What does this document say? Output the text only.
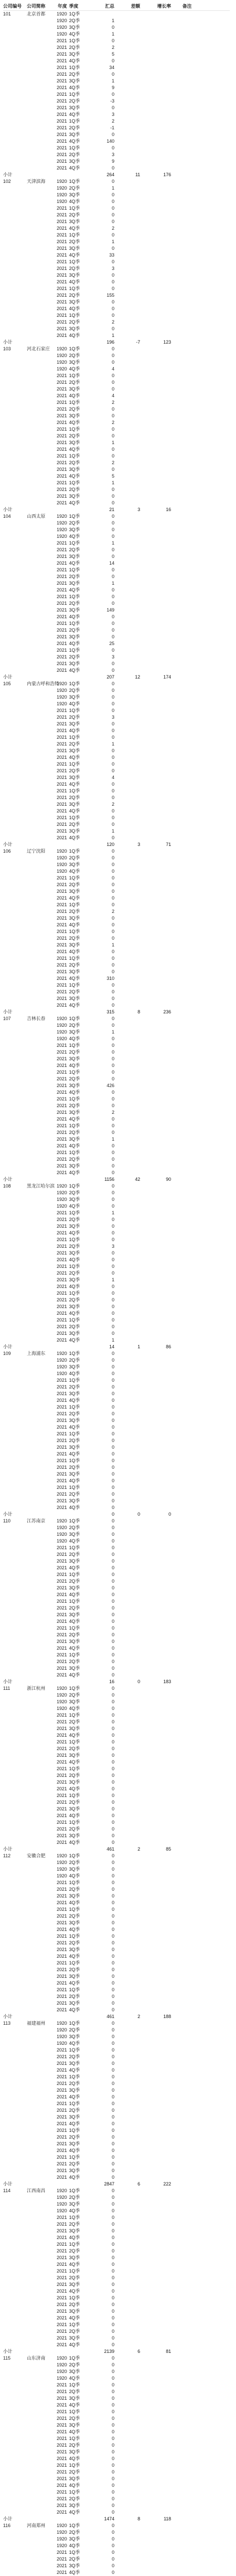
公司编号	公司简称	年度 季度	汇总	差额	增长率	备注
101	北京首都	1920 1Q季
1920 2Q季	1
1920 3Q季	0
1920 4Q季	1
2021 1Q季	0
2021 2Q季	2
2021 3Q季	5
2021 4Q季	0
2021 1Q季	34
2021 2Q季	0
2021 3Q季	1
2021 4Q季	9
2021 1Q季	0
2021 2Q季	-3
2021 3Q季	0
2021 4Q季	3
2021 1Q季	2
2021 2Q季	-1
2021 3Q季	0
2021 4Q季	140
2021 1Q季	0
2021 2Q季	3
2021 3Q季	9
2021 4Q季	0
小计	264	11	176
102	天津滨海	1920 1Q季	0
1920 2Q季	1
1920 3Q季	0
1920 4Q季	0
2021 1Q季	0
2021 2Q季	0
2021 3Q季	0
2021 4Q季	2
2021 1Q季	0
2021 2Q季	1
2021 3Q季	0
2021 4Q季	33
2021 1Q季	0
2021 2Q季	3
2021 3Q季	0
2021 4Q季	0
2021 1Q季	0
2021 2Q季	155
2021 3Q季	0
2021 4Q季	0
2021 1Q季	0
2021 2Q季	2
2021 3Q季	0
2021 4Q季	1
小计	196	-7	123
103	河北石家庄	1920 1Q季	0
1920 2Q季	0
1920 3Q季	0
1920 4Q季	4
2021 1Q季	0
2021 2Q季	0
2021 3Q季	0
2021 4Q季	4
2021 1Q季	2
2021 2Q季	0
2021 3Q季	0
2021 4Q季	2
2021 1Q季	0
2021 2Q季	0
2021 3Q季	1
2021 4Q季	0
2021 1Q季	0
2021 2Q季	2
2021 3Q季	0
2021 4Q季	5
2021 1Q季	1
2021 2Q季	0
2021 3Q季	0
2021 4Q季	0
小计	21	3	16
104	山西太原	1920 1Q季	0
1920 2Q季	0
1920 3Q季	0
1920 4Q季	0
2021 1Q季	1
2021 2Q季	0
2021 3Q季	0
2021 4Q季	14
2021 1Q季	0
2021 2Q季	0
2021 3Q季	1
2021 4Q季	0
2021 1Q季	0
2021 2Q季	0
2021 3Q季	149
2021 4Q季	0
2021 1Q季	0
2021 2Q季	0
2021 3Q季	0
2021 4Q季	25
2021 1Q季	0
2021 2Q季	3
2021 3Q季	0
2021 4Q季	0
小计	207	12	174
105	内蒙古呼和浩特
1920 1Q季	0
1920 2Q季	0
1920 3Q季	0
1920 4Q季	0
2021 1Q季	0
2021 2Q季	3
2021 3Q季	0
2021 4Q季	0
2021 1Q季	0
2021 2Q季	1
2021 3Q季	0
2021 4Q季	0
2021 1Q季	0
2021 2Q季	0
2021 3Q季	4
2021 4Q季	0
2021 1Q季	0
2021 2Q季	0
2021 3Q季	2
2021 4Q季	0
2021 1Q季	0
2021 2Q季	0
2021 3Q季	1
2021 4Q季	0
小计	120	3	71
106	辽宁沈阳	1920 1Q季	0
1920 2Q季	0
1920 3Q季	0
1920 4Q季	0
2021 1Q季	0
2021 2Q季	0
2021 3Q季	0
2021 4Q季	0
2021 1Q季	0
2021 2Q季	2
2021 3Q季	0
2021 4Q季	0
2021 1Q季	0
2021 2Q季	0
2021 3Q季	1
2021 4Q季	0
2021 1Q季	0
2021 2Q季	0
2021 3Q季	0
2021 4Q季	310
2021 1Q季	0
2021 2Q季	0
2021 3Q季	0
2021 4Q季	0
小计	315	8	236
107	吉林长春	1920 1Q季	0
1920 2Q季	0
1920 3Q季	1
1920 4Q季	0
2021 1Q季	0
2021 2Q季	0
2021 3Q季	0
2021 4Q季	0
2021 1Q季	0
2021 2Q季	0
2021 3Q季	426
2021 4Q季	0
2021 1Q季	0
2021 2Q季	0
2021 3Q季	2
2021 4Q季	0
2021 1Q季	0
2021 2Q季	0
2021 3Q季	1
2021 4Q季	0
2021 1Q季	0
2021 2Q季	0
2021 3Q季	0
2021 4Q季	0
小计	1156	42	90
108	黑龙江哈尔滨 1920 1Q季	0
1920 2Q季	0
1920 3Q季	0
1920 4Q季	0
2021 1Q季	1
2021 2Q季	0
2021 3Q季	0
2021 4Q季	0
2021 1Q季	0
2021 2Q季	3
2021 3Q季	0
2021 4Q季	0
2021 1Q季	0
2021 2Q季	0
2021 3Q季	1
2021 4Q季	0
2021 1Q季	0
2021 2Q季	0
2021 3Q季	0
2021 4Q季	0
2021 1Q季	0
2021 2Q季	0
2021 3Q季	0
2021 4Q季	1
小计	14	1	86
109	上海浦东	1920 1Q季	0
1920 2Q季	0
1920 3Q季	0
1920 4Q季	0
2021 1Q季	0
2021 2Q季	0
2021 3Q季	0
2021 4Q季	0
2021 1Q季	0
2021 2Q季	0
2021 3Q季	0
2021 4Q季	0
2021 1Q季	0
2021 2Q季	0
2021 3Q季	0
2021 4Q季	0
2021 1Q季	0
2021 2Q季	0
2021 3Q季	0
2021 4Q季	0
2021 1Q季	0
2021 2Q季	0
2021 3Q季	0
2021 4Q季	0
小计	0	0	0
110	江苏南京	1920 1Q季	0
1920 2Q季	0
1920 3Q季	0
1920 4Q季	0
2021 1Q季	0
2021 2Q季	0
2021 3Q季	0
2021 4Q季	0
2021 1Q季	0
2021 2Q季	0
2021 3Q季	0
2021 4Q季	0
2021 1Q季	0
2021 2Q季	0
2021 3Q季	0
2021 4Q季	0
2021 1Q季	0
2021 2Q季	0
2021 3Q季	0
2021 4Q季	0
2021 1Q季	0
2021 2Q季	0
2021 3Q季	0
2021 4Q季	0
小计	16	0	183
111	浙江杭州	1920 1Q季	0
1920 2Q季	0
1920 3Q季	0
1920 4Q季	0
2021 1Q季	0
2021 2Q季	0
2021 3Q季	0
2021 4Q季	0
2021 1Q季	0
2021 2Q季	0
2021 3Q季	0
2021 4Q季	0
2021 1Q季	0
2021 2Q季	0
2021 3Q季	0
2021 4Q季	0
2021 1Q季	0
2021 2Q季	0
2021 3Q季	0
2021 4Q季	0
2021 1Q季	0
2021 2Q季	0
2021 3Q季	0
2021 4Q季	0
小计	461	2	85
112	安徽合肥	1920 1Q季	0
1920 2Q季	0
1920 3Q季	0
1920 4Q季	0
2021 1Q季	0
2021 2Q季	0
2021 3Q季	0
2021 4Q季	0
2021 1Q季	0
2021 2Q季	0
2021 3Q季	0
2021 4Q季	0
2021 1Q季	0
2021 2Q季	0
2021 3Q季	0
2021 4Q季	0
2021 1Q季	0
2021 2Q季	0
2021 3Q季	0
2021 4Q季	0
2021 1Q季	0
2021 2Q季	0
2021 3Q季	0
2021 4Q季	0
小计	461	2	188
113	福建福州	1920 1Q季	0
1920 2Q季	0
1920 3Q季	0
1920 4Q季	0
2021 1Q季	0
2021 2Q季	0
2021 3Q季	0
2021 4Q季	0
2021 1Q季	0
2021 2Q季	0
2021 3Q季	0
2021 4Q季	0
2021 1Q季	0
2021 2Q季	0
2021 3Q季	0
2021 4Q季	0
2021 1Q季	0
2021 2Q季	0
2021 3Q季	0
2021 4Q季	0
2021 1Q季	0
2021 2Q季	0
2021 3Q季	0
2021 4Q季	0
小计	2847	6	222
114	江西南昌	1920 1Q季	0
1920 2Q季	0
1920 3Q季	0
1920 4Q季	0
2021 1Q季	0
2021 2Q季	0
2021 3Q季	0
2021 4Q季	0
2021 1Q季	0
2021 2Q季	0
2021 3Q季	0
2021 4Q季	0
2021 1Q季	0
2021 2Q季	0
2021 3Q季	0
2021 4Q季	0
2021 1Q季	0
2021 2Q季	0
2021 3Q季	0
2021 4Q季	0
2021 1Q季	0
2021 2Q季	0
2021 3Q季	0
2021 4Q季	0
小计	2139	6	81
115	山东济南	1920 1Q季	0
1920 2Q季	0
1920 3Q季	0
1920 4Q季	0
2021 1Q季	0
2021 2Q季	0
2021 3Q季	0
2021 4Q季	0
2021 1Q季	0
2021 2Q季	0
2021 3Q季	0
2021 4Q季	0
2021 1Q季	0
2021 2Q季	0
2021 3Q季	0
2021 4Q季	0
2021 1Q季	0
2021 2Q季	0
2021 3Q季	0
2021 4Q季	0
2021 1Q季	0
2021 2Q季	0
2021 3Q季	0
2021 4Q季	0
小计	1474	8	118
116	河南郑州	1920 1Q季	0
1920 2Q季	0
1920 3Q季	0
1920 4Q季	0
2021 1Q季	0
2021 2Q季	0
2021 3Q季	0
2021 4Q季	0
